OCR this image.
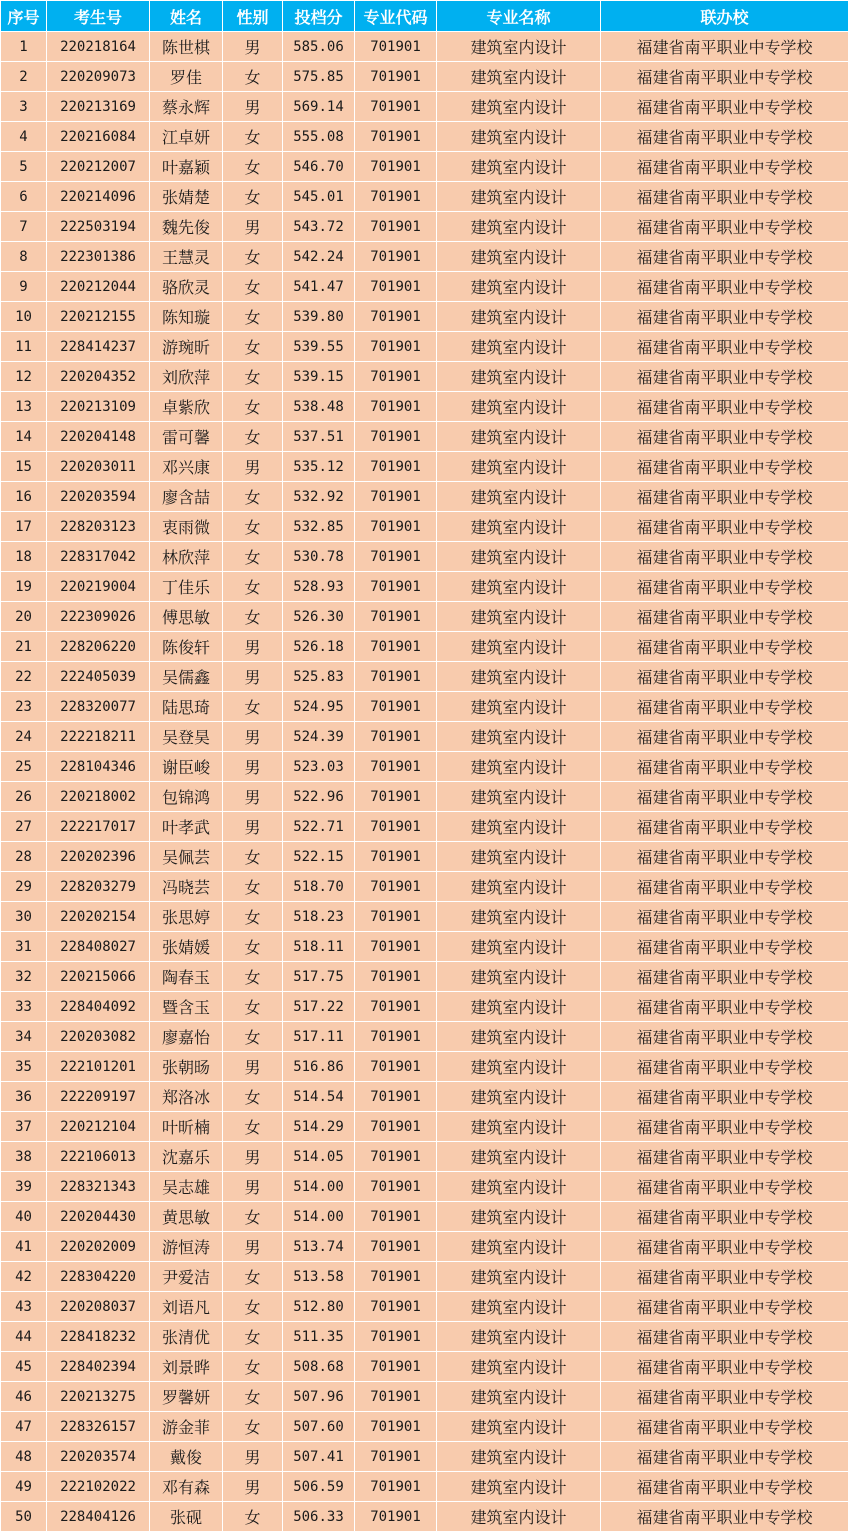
序号	考生号	姓名	性别	投档分	专业代码	专业名称	联办校
1	220218164	陈世棋	男	585.06	701901	建筑室内设计	福建省南平职业中专学校
2	220209073	罗佳	女	575.85	701901	建筑室内设计	福建省南平职业中专学校
3	220213169	蔡永辉	男	569.14	701901	建筑室内设计	福建省南平职业中专学校
4	220216084	江卓妍	女	555.08	701901	建筑室内设计	福建省南平职业中专学校
5	220212007	叶嘉颖	女	546.70	701901	建筑室内设计	福建省南平职业中专学校
6	220214096	张婧楚	女	545.01	701901	建筑室内设计	福建省南平职业中专学校
7	222503194	魏先俊	男	543.72	701901	建筑室内设计	福建省南平职业中专学校
8	222301386	王慧灵	女	542.24	701901	建筑室内设计	福建省南平职业中专学校
9	220212044	骆欣灵	女	541.47	701901	建筑室内设计	福建省南平职业中专学校
10	220212155	陈知璇	女	539.80	701901	建筑室内设计	福建省南平职业中专学校
11	228414237	游琬昕	女	539.55	701901	建筑室内设计	福建省南平职业中专学校
12	220204352	刘欣萍	女	539.15	701901	建筑室内设计	福建省南平职业中专学校
13	220213109	卓紫欣	女	538.48	701901	建筑室内设计	福建省南平职业中专学校
14	220204148	雷可馨	女	537.51	701901	建筑室内设计	福建省南平职业中专学校
15	220203011	邓兴康	男	535.12	701901	建筑室内设计	福建省南平职业中专学校
16	220203594	廖含喆	女	532.92	701901	建筑室内设计	福建省南平职业中专学校
17	228203123	衷雨微	女	532.85	701901	建筑室内设计	福建省南平职业中专学校
18	228317042	林欣萍	女	530.78	701901	建筑室内设计	福建省南平职业中专学校
19	220219004	丁佳乐	女	528.93	701901	建筑室内设计	福建省南平职业中专学校
20	222309026	傅思敏	女	526.30	701901	建筑室内设计	福建省南平职业中专学校
21	228206220	陈俊轩	男	526.18	701901	建筑室内设计	福建省南平职业中专学校
22	222405039	吴儒鑫	男	525.83	701901	建筑室内设计	福建省南平职业中专学校
23	228320077	陆思琦	女	524.95	701901	建筑室内设计	福建省南平职业中专学校
24	222218211	吴登昊	男	524.39	701901	建筑室内设计	福建省南平职业中专学校
25	228104346	谢臣峻	男	523.03	701901	建筑室内设计	福建省南平职业中专学校
26	220218002	包锦鸿	男	522.96	701901	建筑室内设计	福建省南平职业中专学校
27	222217017	叶孝武	男	522.71	701901	建筑室内设计	福建省南平职业中专学校
28	220202396	吴佩芸	女	522.15	701901	建筑室内设计	福建省南平职业中专学校
29	228203279	冯晓芸	女	518.70	701901	建筑室内设计	福建省南平职业中专学校
30	220202154	张思婷	女	518.23	701901	建筑室内设计	福建省南平职业中专学校
31	228408027	张婧媛	女	518.11	701901	建筑室内设计	福建省南平职业中专学校
32	220215066	陶春玉	女	517.75	701901	建筑室内设计	福建省南平职业中专学校
33	228404092	暨含玉	女	517.22	701901	建筑室内设计	福建省南平职业中专学校
34	220203082	廖嘉怡	女	517.11	701901	建筑室内设计	福建省南平职业中专学校
35	222101201	张朝旸	男	516.86	701901	建筑室内设计	福建省南平职业中专学校
36	222209197	郑洛冰	女	514.54	701901	建筑室内设计	福建省南平职业中专学校
37	220212104	叶昕楠	女	514.29	701901	建筑室内设计	福建省南平职业中专学校
38	222106013	沈嘉乐	男	514.05	701901	建筑室内设计	福建省南平职业中专学校
39	228321343	吴志雄	男	514.00	701901	建筑室内设计	福建省南平职业中专学校
40	220204430	黄思敏	女	514.00	701901	建筑室内设计	福建省南平职业中专学校
41	220202009	游恒涛	男	513.74	701901	建筑室内设计	福建省南平职业中专学校
42	228304220	尹爱洁	女	513.58	701901	建筑室内设计	福建省南平职业中专学校
43	220208037	刘语凡	女	512.80	701901	建筑室内设计	福建省南平职业中专学校
44	228418232	张清优	女	511.35	701901	建筑室内设计	福建省南平职业中专学校
45	228402394	刘景晔	女	508.68	701901	建筑室内设计	福建省南平职业中专学校
46	220213275	罗馨妍	女	507.96	701901	建筑室内设计	福建省南平职业中专学校
47	228326157	游金菲	女	507.60	701901	建筑室内设计	福建省南平职业中专学校
48	220203574	戴俊	男	507.41	701901	建筑室内设计	福建省南平职业中专学校
49	222102022	邓有森	男	506.59	701901	建筑室内设计	福建省南平职业中专学校
50	228404126	张砚	女	506.33	701901	建筑室内设计	福建省南平职业中专学校
